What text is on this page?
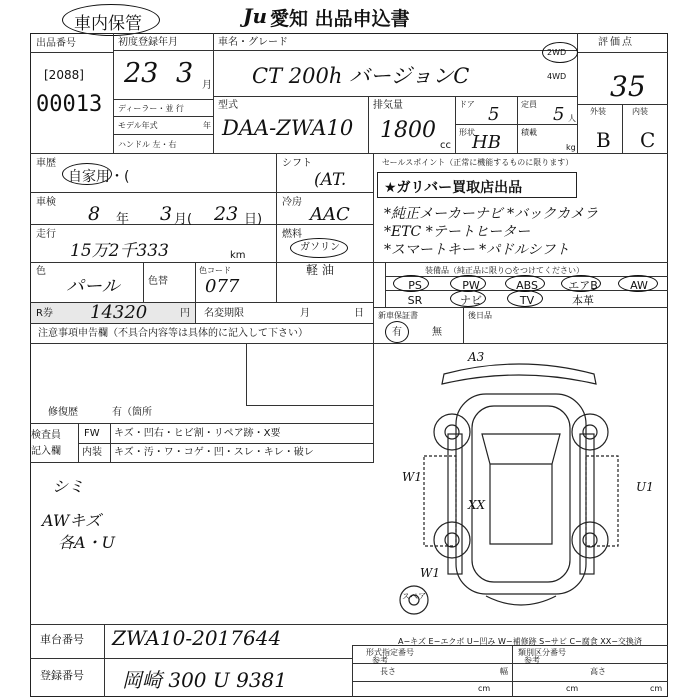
車内保管	Ju 愛知 出品申込書
出品番号
[2088]
00013
初度登録年月
23 3 月
車名・グレード
CT 200h バージョンC
2WD
4WD
評価点
35
ディーラー・並 行
モデル年式	年
ハンドル 左・右
外装	内装
B C
型式
DAA-ZWA10
排気量
1800
cc
ドア 5	定員 5 人
形状
HB	積載
kg
車歴
自家用・(
シフト
(AT.
車検
8 年 3 月( 23 日)
冷房
AAC
走行
15万2千333	km
燃料
ガソリン
軽 油
色
パール	色替
色コード
077
R券 14320	円 名変期限	月	日
注意事項申告欄（不具合内容等は具体的に記入して下さい）
セールスポイント（正常に機能するものに限ります）
★ガリバー買取店出品
*純正メーカーナビ *バックカメラ
*ETC *テートヒーター
*スマートキー *パドルシフト
装備品（純正品に限り○をつけてください）
PS	PW	ABS	エアB	AW
SR	ナビ	TV	本革
新車保証書	後日品
有	無
修復歴	有（箇所
検査員
記入欄
FW キズ・凹右・ヒビ割・リペア跡・X要
内装 キズ・汚・ワ・コゲ・凹・スレ・キレ・破レ
シミ
AWキズ
各A・U
A3
W1
W1
U1
XX
スペア
A−キズ E−エクボ U−凹み W−補修跡 S−サビ C−腐食 XX−交換済
車台番号 ZWA10-2017644
登録番号 岡崎 300 U 9381
形式指定番号
参考
類別区分番号
参考
長さ	幅	高さ
cm	cm	cm
